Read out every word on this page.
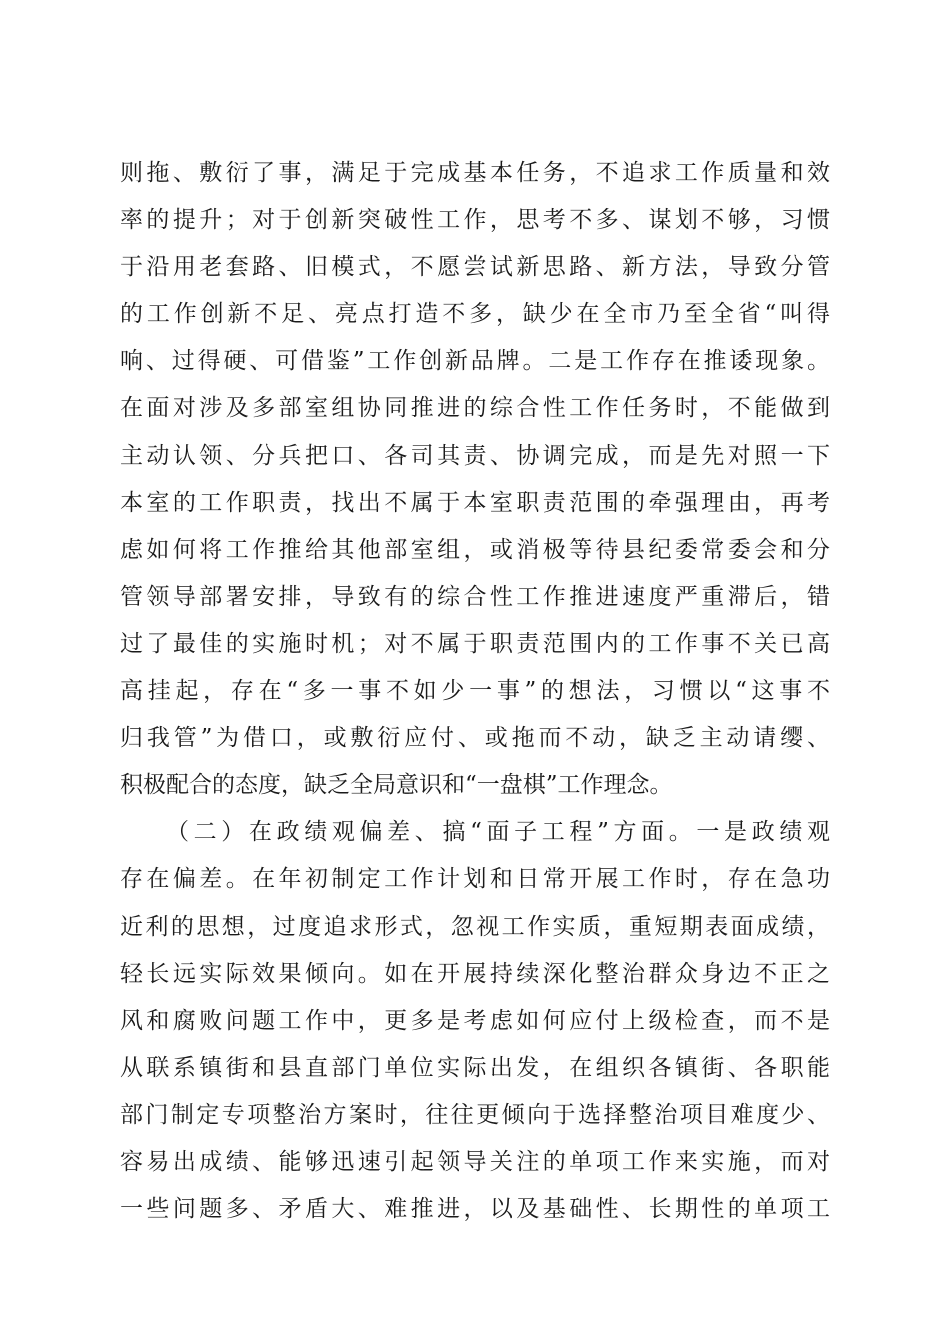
则拖、敷衍了事，满足于完成基本任务，不追求工作质量和效
率的提升；对于创新突破性工作，思考不多、谋划不够，习惯
于沿用老套路、旧模式，不愿尝试新思路、新方法，导致分管
的工作创新不足、亮点打造不多，缺少在全市乃至全省“叫得
响、过得硬、可借鉴”工作创新品牌。二是工作存在推诿现象。
在面对涉及多部室组协同推进的综合性工作任务时，不能做到
主动认领、分兵把口、各司其责、协调完成，而是先对照一下
本室的工作职责，找出不属于本室职责范围的牵强理由，再考
虑如何将工作推给其他部室组，或消极等待县纪委常委会和分
管领导部署安排，导致有的综合性工作推进速度严重滞后，错
过了最佳的实施时机；对不属于职责范围内的工作事不关已高
高挂起，存在“多一事不如少一事”的想法，习惯以“这事不
归我管”为借口，或敷衍应付、或拖而不动，缺乏主动请缨、
积极配合的态度，缺乏全局意识和“一盘棋”工作理念。
（二）在政绩观偏差、搞“面子工程”方面。一是政绩观
存在偏差。在年初制定工作计划和日常开展工作时，存在急功
近利的思想，过度追求形式，忽视工作实质，重短期表面成绩，
轻长远实际效果倾向。如在开展持续深化整治群众身边不正之
风和腐败问题工作中，更多是考虑如何应付上级检查，而不是
从联系镇街和县直部门单位实际出发，在组织各镇街、各职能
部门制定专项整治方案时，往往更倾向于选择整治项目难度少、
容易出成绩、能够迅速引起领导关注的单项工作来实施，而对
一些问题多、矛盾大、难推进，以及基础性、长期性的单项工
